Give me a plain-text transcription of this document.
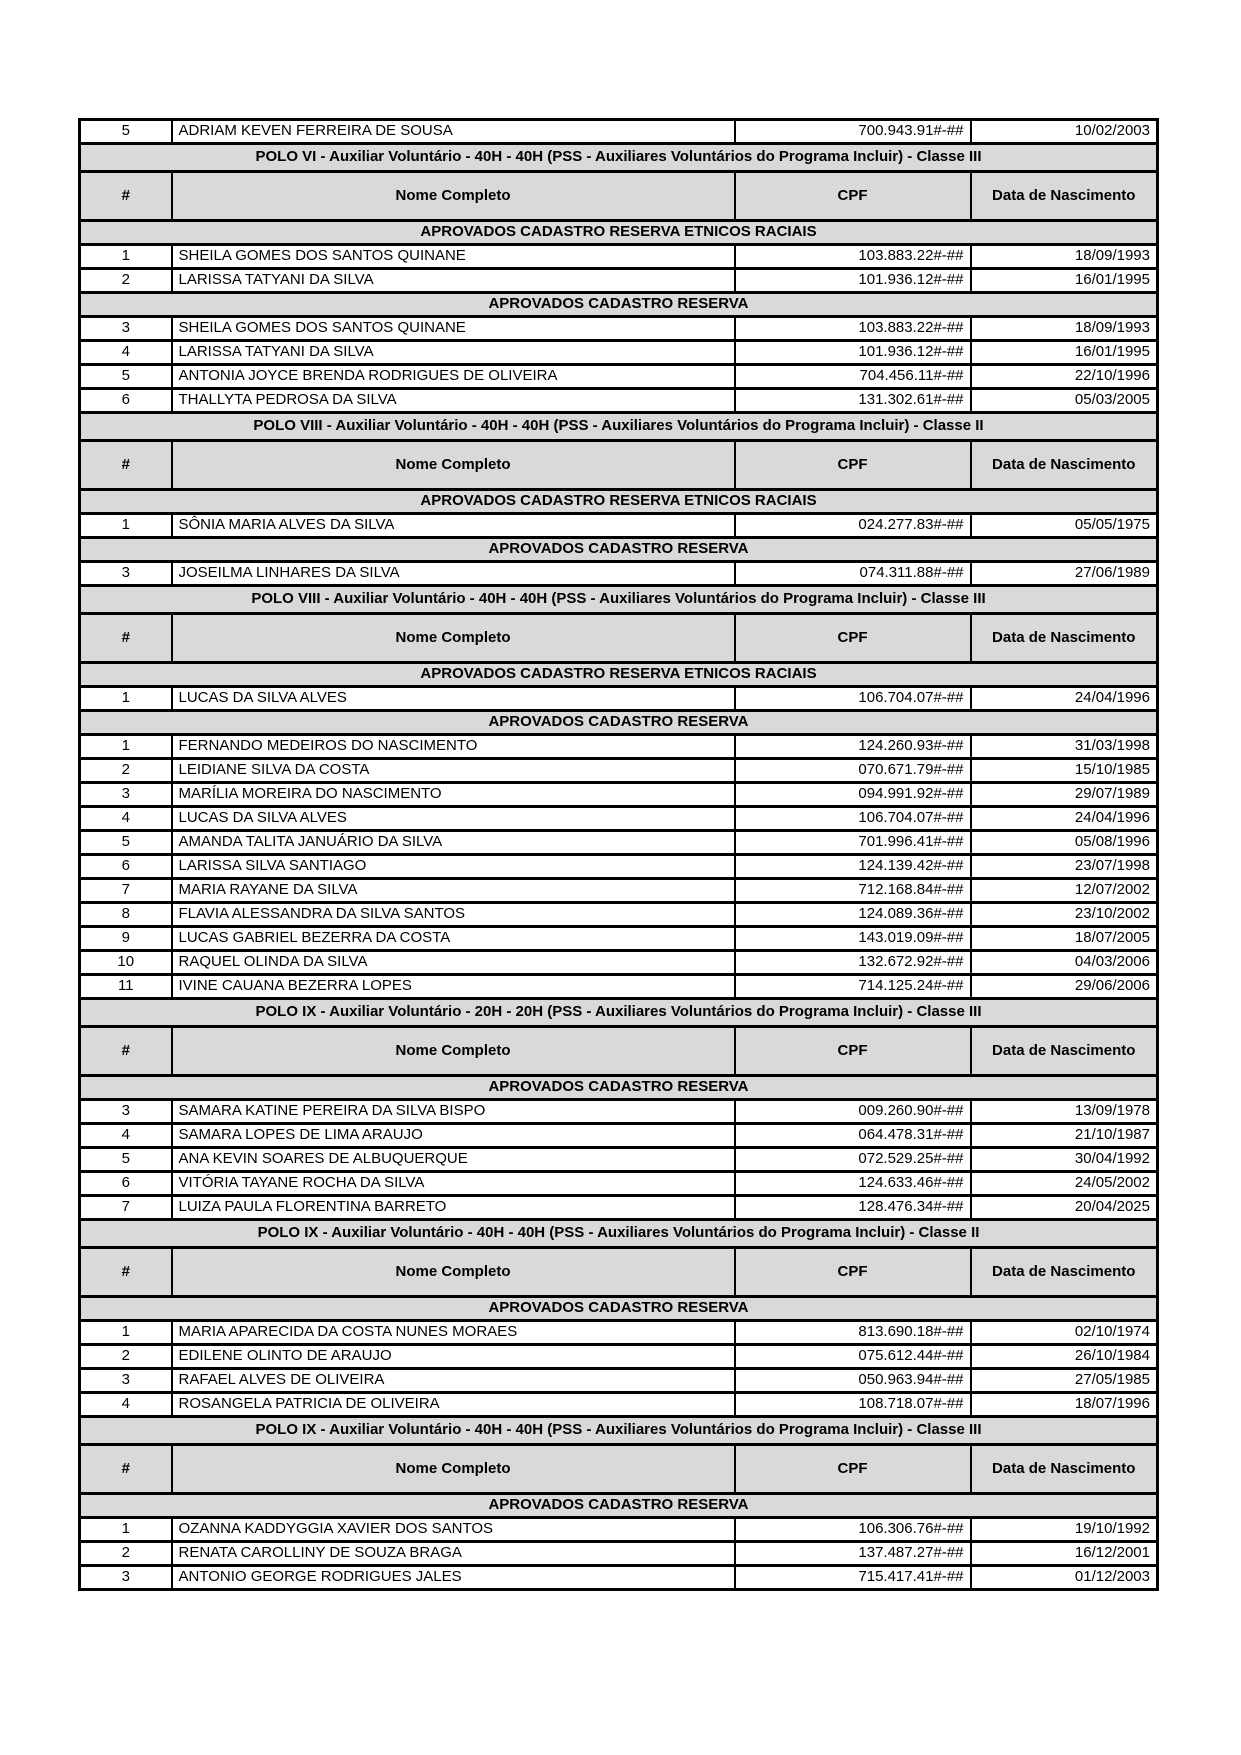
5	ADRIAM KEVEN FERREIRA DE SOUSA	700.943.91#-##	10/02/2003
POLO VI - Auxiliar Voluntário - 40H - 40H (PSS - Auxiliares Voluntários do Programa Incluir) - Classe III			
#	Nome Completo	CPF	Data de Nascimento
APROVADOS CADASTRO RESERVA ETNICOS RACIAIS			
1	SHEILA GOMES DOS SANTOS QUINANE	103.883.22#-##	18/09/1993
2	LARISSA TATYANI DA SILVA	101.936.12#-##	16/01/1995
APROVADOS CADASTRO RESERVA			
3	SHEILA GOMES DOS SANTOS QUINANE	103.883.22#-##	18/09/1993
4	LARISSA TATYANI DA SILVA	101.936.12#-##	16/01/1995
5	ANTONIA JOYCE BRENDA RODRIGUES DE OLIVEIRA	704.456.11#-##	22/10/1996
6	THALLYTA PEDROSA DA SILVA	131.302.61#-##	05/03/2005
POLO VIII - Auxiliar Voluntário - 40H - 40H (PSS - Auxiliares Voluntários do Programa Incluir) - Classe II			
#	Nome Completo	CPF	Data de Nascimento
APROVADOS CADASTRO RESERVA ETNICOS RACIAIS			
1	SÔNIA MARIA ALVES DA SILVA	024.277.83#-##	05/05/1975
APROVADOS CADASTRO RESERVA			
3	JOSEILMA LINHARES DA SILVA	074.311.88#-##	27/06/1989
POLO VIII - Auxiliar Voluntário - 40H - 40H (PSS - Auxiliares Voluntários do Programa Incluir) - Classe III			
#	Nome Completo	CPF	Data de Nascimento
APROVADOS CADASTRO RESERVA ETNICOS RACIAIS			
1	LUCAS DA SILVA ALVES	106.704.07#-##	24/04/1996
APROVADOS CADASTRO RESERVA			
1	FERNANDO MEDEIROS DO NASCIMENTO	124.260.93#-##	31/03/1998
2	LEIDIANE SILVA DA COSTA	070.671.79#-##	15/10/1985
3	MARÍLIA MOREIRA DO NASCIMENTO	094.991.92#-##	29/07/1989
4	LUCAS DA SILVA ALVES	106.704.07#-##	24/04/1996
5	AMANDA TALITA JANUÁRIO DA SILVA	701.996.41#-##	05/08/1996
6	LARISSA SILVA SANTIAGO	124.139.42#-##	23/07/1998
7	MARIA RAYANE DA SILVA	712.168.84#-##	12/07/2002
8	FLAVIA ALESSANDRA DA SILVA SANTOS	124.089.36#-##	23/10/2002
9	LUCAS GABRIEL BEZERRA DA COSTA	143.019.09#-##	18/07/2005
10	RAQUEL OLINDA DA SILVA	132.672.92#-##	04/03/2006
11	IVINE CAUANA BEZERRA LOPES	714.125.24#-##	29/06/2006
POLO IX - Auxiliar Voluntário - 20H - 20H (PSS - Auxiliares Voluntários do Programa Incluir) - Classe III			
#	Nome Completo	CPF	Data de Nascimento
APROVADOS CADASTRO RESERVA			
3	SAMARA KATINE PEREIRA DA SILVA BISPO	009.260.90#-##	13/09/1978
4	SAMARA LOPES DE LIMA ARAUJO	064.478.31#-##	21/10/1987
5	ANA KEVIN SOARES DE ALBUQUERQUE	072.529.25#-##	30/04/1992
6	VITÓRIA TAYANE ROCHA DA SILVA	124.633.46#-##	24/05/2002
7	LUIZA PAULA FLORENTINA BARRETO	128.476.34#-##	20/04/2025
POLO IX - Auxiliar Voluntário - 40H - 40H (PSS - Auxiliares Voluntários do Programa Incluir) - Classe II			
#	Nome Completo	CPF	Data de Nascimento
APROVADOS CADASTRO RESERVA			
1	MARIA APARECIDA DA COSTA NUNES MORAES	813.690.18#-##	02/10/1974
2	EDILENE OLINTO DE ARAUJO	075.612.44#-##	26/10/1984
3	RAFAEL ALVES DE OLIVEIRA	050.963.94#-##	27/05/1985
4	ROSANGELA PATRICIA DE OLIVEIRA	108.718.07#-##	18/07/1996
POLO IX - Auxiliar Voluntário - 40H - 40H (PSS - Auxiliares Voluntários do Programa Incluir) - Classe III			
#	Nome Completo	CPF	Data de Nascimento
APROVADOS CADASTRO RESERVA			
1	OZANNA KADDYGGIA XAVIER DOS SANTOS	106.306.76#-##	19/10/1992
2	RENATA CAROLLINY DE SOUZA BRAGA	137.487.27#-##	16/12/2001
3	ANTONIO GEORGE RODRIGUES JALES	715.417.41#-##	01/12/2003
